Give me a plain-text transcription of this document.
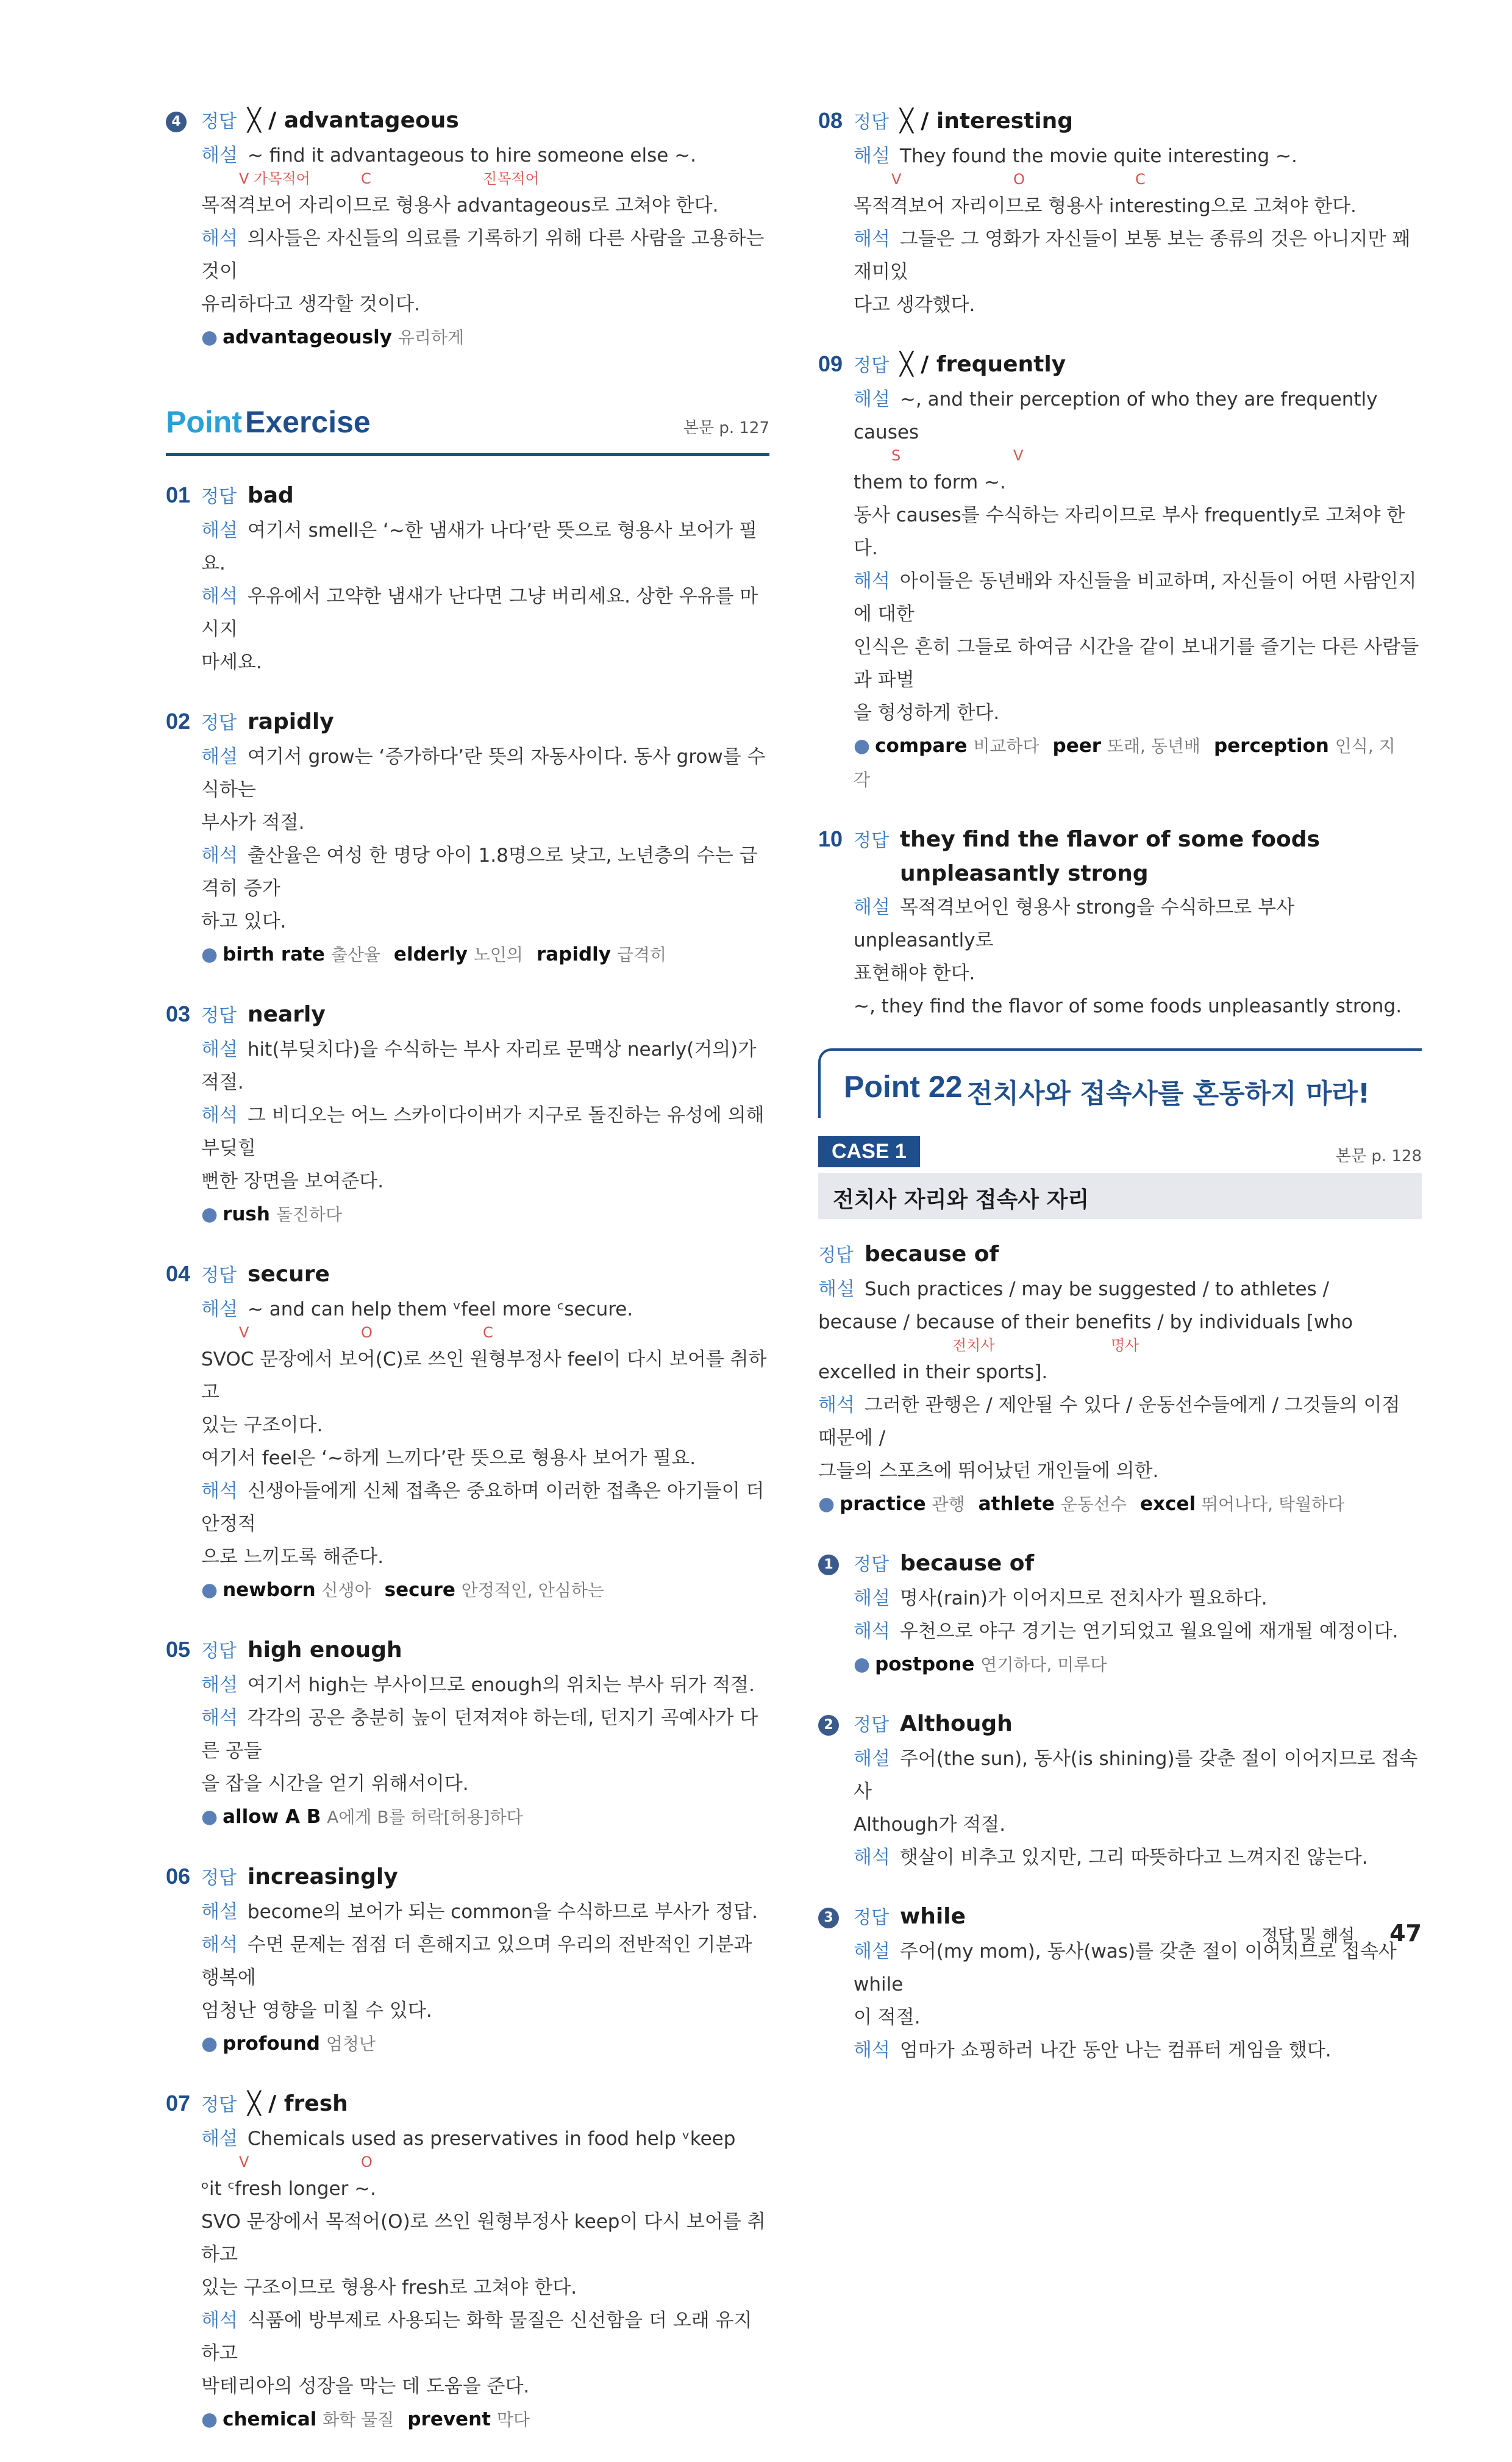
4	정답 ╳ / advantageous
해설 ~ find it advantageous to hire someone else ~.
V 가목적어	C	진목적어
목적격보어 자리이므로 형용사 advantageous로 고쳐야 한다.
해석 의사들은 자신들의 의료를 기록하기 위해 다른 사람을 고용하는 것이
유리하다고 생각할 것이다.
● advantageously 유리하게
Point Exercise	본문 p. 127
01 정답 bad
해설 여기서 smell은 ‘~한 냄새가 나다’란 뜻으로 형용사 보어가 필요.
해석 우유에서 고약한 냄새가 난다면 그냥 버리세요. 상한 우유를 마시지
마세요.
02 정답 rapidly
해설 여기서 grow는 ‘증가하다’란 뜻의 자동사이다. 동사 grow를 수식하는
부사가 적절.
해석 출산율은 여성 한 명당 아이 1.8명으로 낮고, 노년층의 수는 급격히 증가
하고 있다.
● birth rate 출산율 elderly 노인의 rapidly 급격히
03 정답 nearly
해설 hit(부딪치다)을 수식하는 부사 자리로 문맥상 nearly(거의)가 적절.
해석 그 비디오는 어느 스카이다이버가 지구로 돌진하는 유성에 의해 부딪힐
뻔한 장면을 보여준다.
● rush 돌진하다
04 정답 secure
해설 ~ and can help them ᵛfeel more ᶜsecure.
V	O	C
SVOC 문장에서 보어(C)로 쓰인 원형부정사 feel이 다시 보어를 취하고
있는 구조이다.
여기서 feel은 ‘~하게 느끼다’란 뜻으로 형용사 보어가 필요.
해석 신생아들에게 신체 접촉은 중요하며 이러한 접촉은 아기들이 더 안정적
으로 느끼도록 해준다.
● newborn 신생아 secure 안정적인, 안심하는
05 정답 high enough
해설 여기서 high는 부사이므로 enough의 위치는 부사 뒤가 적절.
해석 각각의 공은 충분히 높이 던져져야 하는데, 던지기 곡예사가 다른 공들
을 잡을 시간을 얻기 위해서이다.
● allow A B A에게 B를 허락[허용]하다
06 정답 increasingly
해설 become의 보어가 되는 common을 수식하므로 부사가 정답.
해석 수면 문제는 점점 더 흔해지고 있으며 우리의 전반적인 기분과 행복에
엄청난 영향을 미칠 수 있다.
● profound 엄청난
07 정답 ╳ / fresh
해설 Chemicals used as preservatives in food help ᵛkeep
V	O
ᵒit ᶜfresh longer ~.
SVO 문장에서 목적어(O)로 쓰인 원형부정사 keep이 다시 보어를 취하고
있는 구조이므로 형용사 fresh로 고쳐야 한다.
해석 식품에 방부제로 사용되는 화학 물질은 신선함을 더 오래 유지하고
박테리아의 성장을 막는 데 도움을 준다.
● chemical 화학 물질 prevent 막다
08 정답 ╳ / interesting
해설 They found the movie quite interesting ~.
V	O	C
목적격보어 자리이므로 형용사 interesting으로 고쳐야 한다.
해석 그들은 그 영화가 자신들이 보통 보는 종류의 것은 아니지만 꽤 재미있
다고 생각했다.
09 정답 ╳ / frequently
해설 ~, and their perception of who they are frequently causes
S	V
them to form ~.
동사 causes를 수식하는 자리이므로 부사 frequently로 고쳐야 한다.
해석 아이들은 동년배와 자신들을 비교하며, 자신들이 어떤 사람인지에 대한
인식은 흔히 그들로 하여금 시간을 같이 보내기를 즐기는 다른 사람들과 파벌
을 형성하게 한다.
● compare 비교하다 peer 또래, 동년배 perception 인식, 지각
10 정답 they find the flavor of some foods unpleasantly strong
해설 목적격보어인 형용사 strong을 수식하므로 부사 unpleasantly로
표현해야 한다.
~, they find the flavor of some foods unpleasantly strong.
Point 22 전치사와 접속사를 혼동하지 마라!
CASE 1	본문 p. 128
전치사 자리와 접속사 자리
정답 because of
해설 Such practices / may be suggested / to athletes /
because / because of their benefits / by individuals [who
전치사	명사
excelled in their sports].
해석 그러한 관행은 / 제안될 수 있다 / 운동선수들에게 / 그것들의 이점 때문에 /
그들의 스포츠에 뛰어났던 개인들에 의한.
● practice 관행 athlete 운동선수 excel 뛰어나다, 탁월하다
1	정답 because of
해설 명사(rain)가 이어지므로 전치사가 필요하다.
해석 우천으로 야구 경기는 연기되었고 월요일에 재개될 예정이다.
● postpone 연기하다, 미루다
2	정답 Although
해설 주어(the sun), 동사(is shining)를 갖춘 절이 이어지므로 접속사
Although가 적절.
해석 햇살이 비추고 있지만, 그리 따뜻하다고 느껴지진 않는다.
3	정답 while
해설 주어(my mom), 동사(was)를 갖춘 절이 이어지므로 접속사 while
이 적절.
해석 엄마가 쇼핑하러 나간 동안 나는 컴퓨터 게임을 했다.
정답 및 해설 47
